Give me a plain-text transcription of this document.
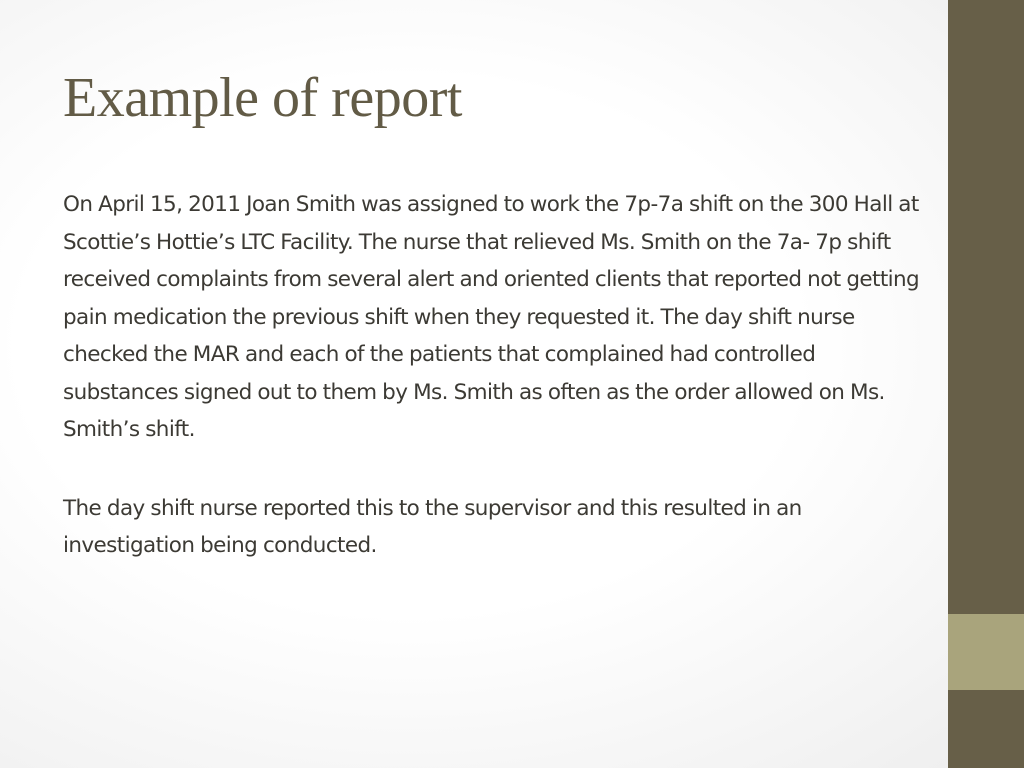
Example of report

On April 15, 2011 Joan Smith was assigned to work the 7p-7a shift on the 300 Hall at Scottie’s Hottie’s LTC Facility. The nurse that relieved Ms. Smith on the 7a- 7p shift received complaints from several alert and oriented clients that reported not getting pain medication the previous shift when they requested it. The day shift nurse checked the MAR and each of the patients that complained had controlled substances signed out to them by Ms. Smith as often as the order allowed on Ms. Smith’s shift.

The day shift nurse reported this to the supervisor and this resulted in an investigation being conducted.
